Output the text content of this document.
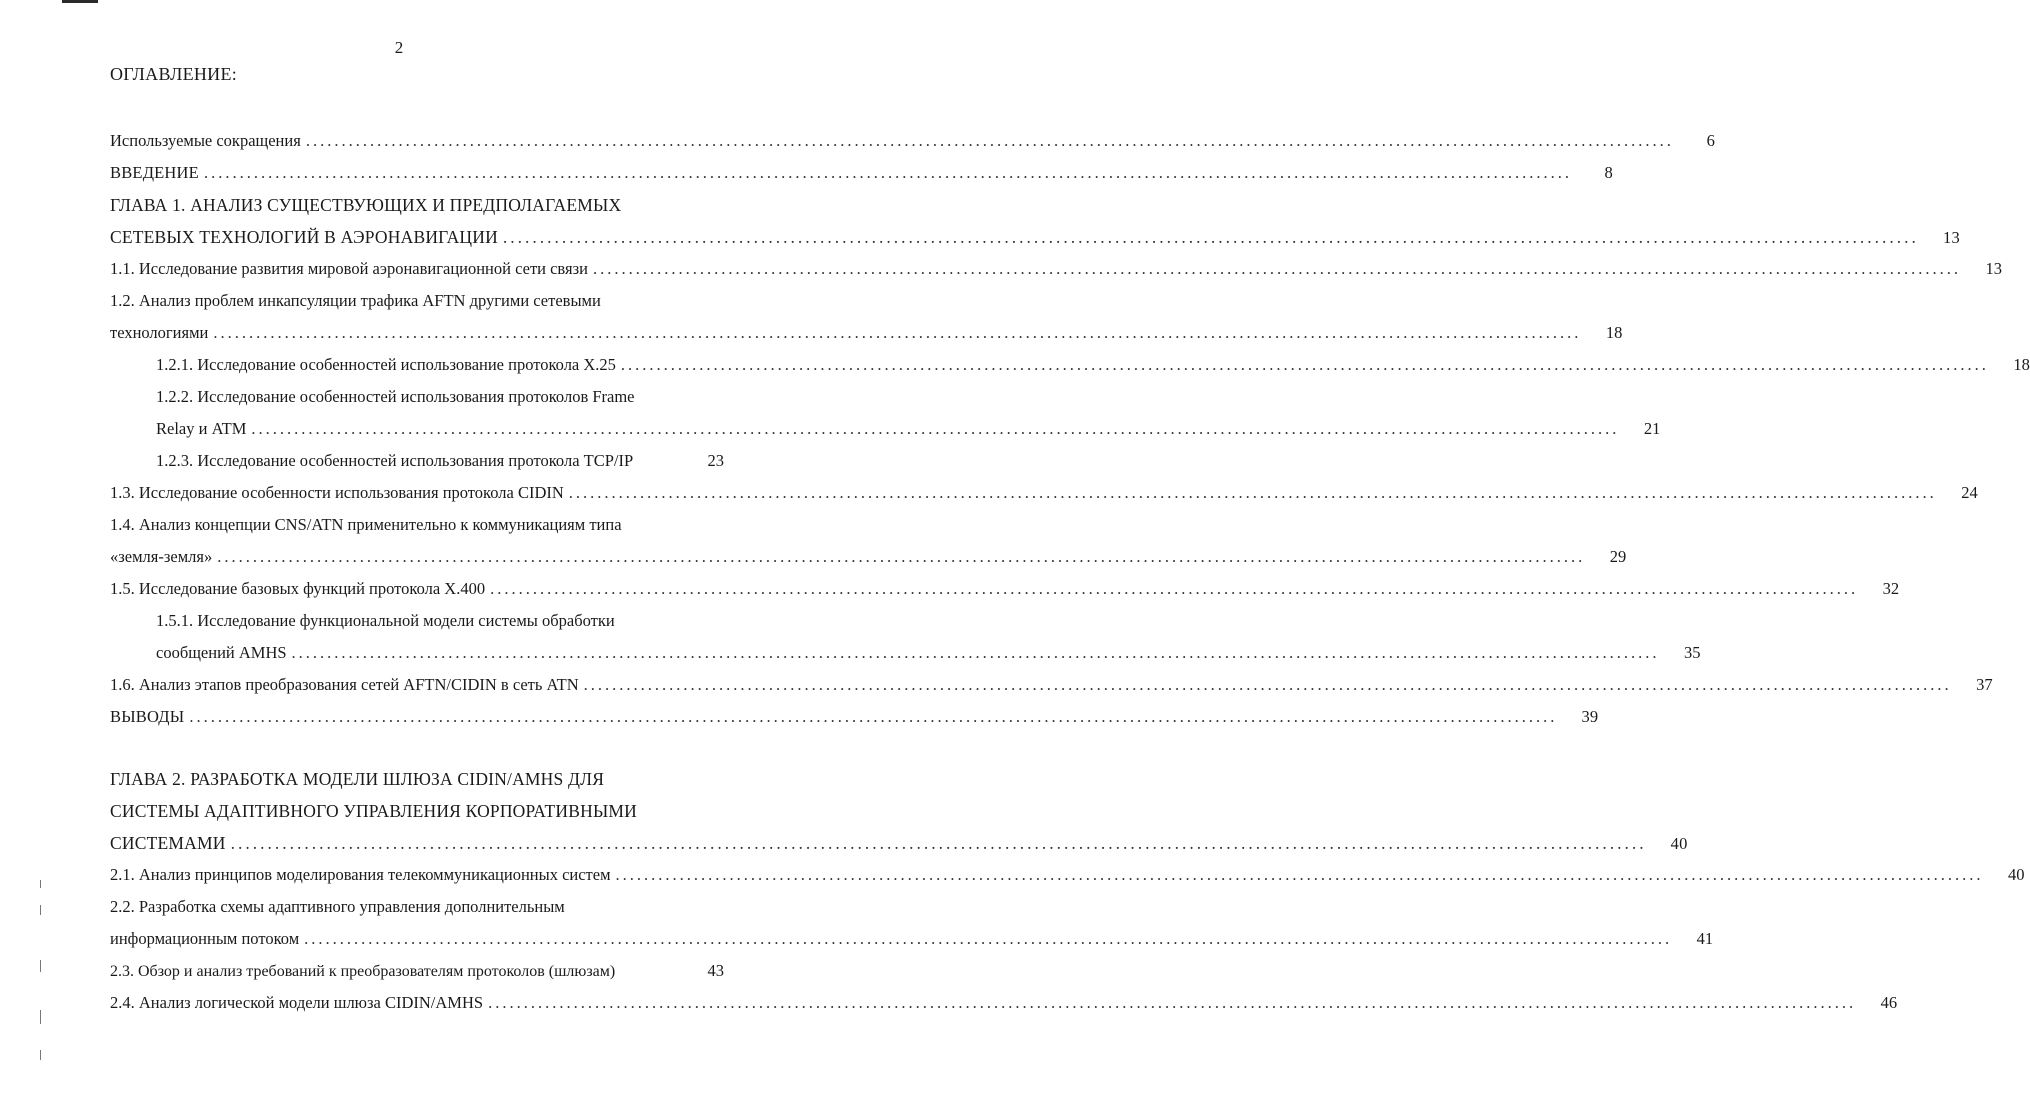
2
ОГЛАВЛЕНИЕ:
Используемые сокращения ................................................................................................................................................................................................	6
ВВЕДЕНИЕ ................................................................................................................................................................................................	8
ГЛАВА 1. АНАЛИЗ СУЩЕСТВУЮЩИХ И ПРЕДПОЛАГАЕМЫХ
СЕТЕВЫХ ТЕХНОЛОГИЙ В АЭРОНАВИГАЦИИ ................................................................................................................................................................................................	13
1.1. Исследование развития мировой аэронавигационной сети связи ................................................................................................................................................................................................	13
1.2. Анализ проблем инкапсуляции трафика AFTN другими сетевыми
технологиями ................................................................................................................................................................................................	18
1.2.1. Исследование особенностей использование протокола X.25 ................................................................................................................................................................................................	18
1.2.2. Исследование особенностей использования протоколов Frame
Relay и ATM ................................................................................................................................................................................................	21
1.2.3. Исследование особенностей использования протокола TCP/IP	23
1.3. Исследование особенности использования протокола CIDIN ................................................................................................................................................................................................	24
1.4. Анализ концепции CNS/ATN применительно к коммуникациям типа
«земля-земля» ................................................................................................................................................................................................	29
1.5. Исследование базовых функций протокола X.400 ................................................................................................................................................................................................	32
1.5.1. Исследование функциональной модели системы обработки
сообщений AMHS ................................................................................................................................................................................................	35
1.6. Анализ этапов преобразования сетей AFTN/CIDIN в сеть ATN ................................................................................................................................................................................................	37
ВЫВОДЫ ................................................................................................................................................................................................	39
ГЛАВА 2. РАЗРАБОТКА МОДЕЛИ ШЛЮЗА CIDIN/AMHS ДЛЯ
СИСТЕМЫ АДАПТИВНОГО УПРАВЛЕНИЯ КОРПОРАТИВНЫМИ
СИСТЕМАМИ ................................................................................................................................................................................................	40
2.1. Анализ принципов моделирования телекоммуникационных систем ................................................................................................................................................................................................	40
2.2. Разработка схемы адаптивного управления дополнительным
информационным потоком ................................................................................................................................................................................................	41
2.3. Обзор и анализ требований к преобразователям протоколов (шлюзам)	43
2.4. Анализ логической модели шлюза CIDIN/AMHS ................................................................................................................................................................................................	46
